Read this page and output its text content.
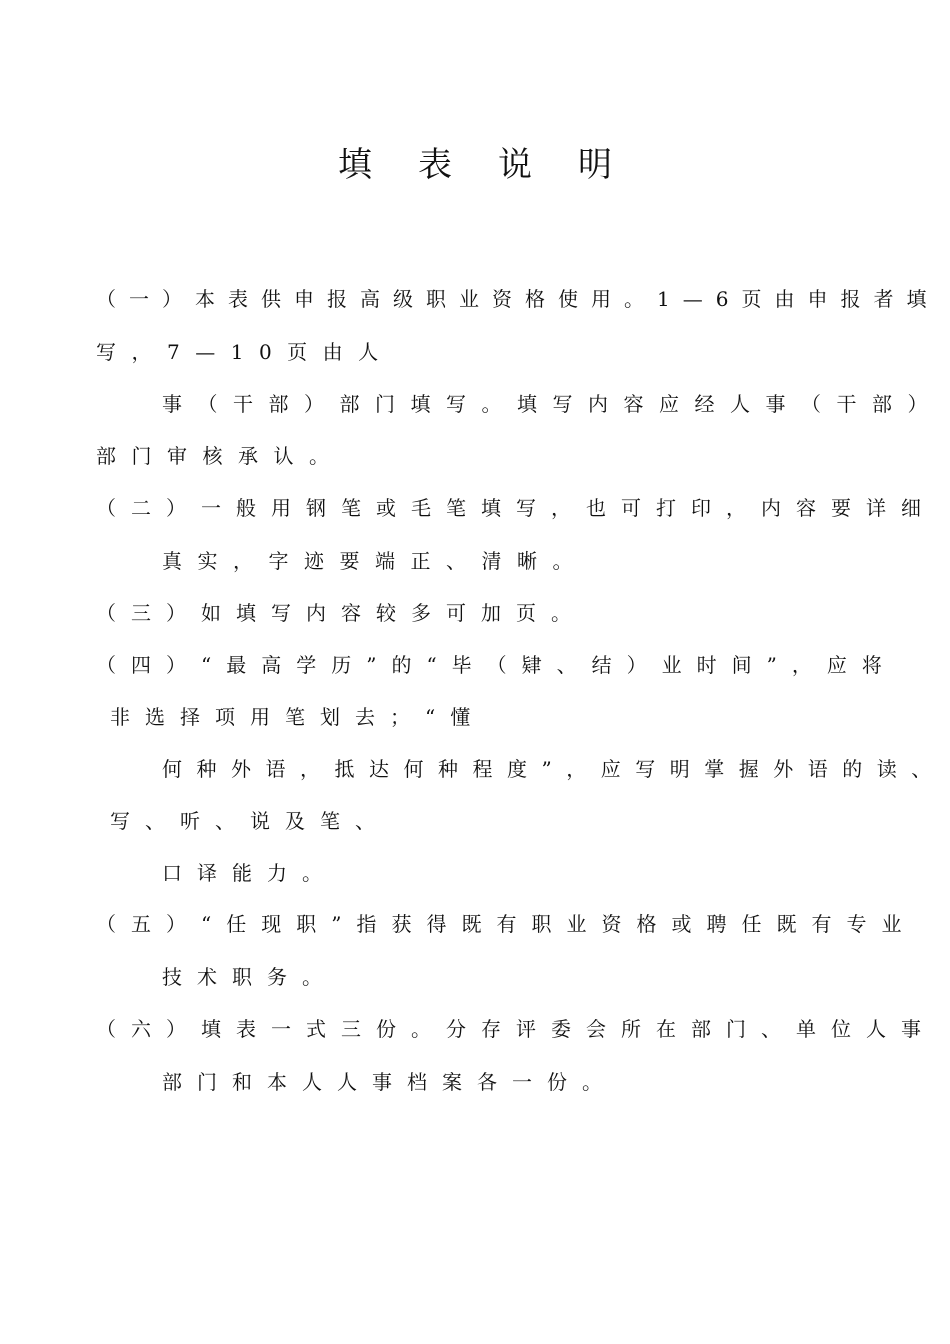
填表说明
（一）本表供申报高级职业资格使用。1—6页由申报者填
写，7—10页由人
事（干部）部门填写。填写内容应经人事（干部）
部门审核承认。
（二）一般用钢笔或毛笔填写，也可打印，内容要详细
真实，字迹要端正、清晰。
（三）如填写内容较多可加页。
（四）“最高学历”的“毕（肄、结）业时间”，应将
非选择项用笔划去；“懂
何种外语，抵达何种程度”，应写明掌握外语的读、
写、听、说及笔、
口译能力。
（五）“任现职”指获得既有职业资格或聘任既有专业
技术职务。
（六）填表一式三份。分存评委会所在部门、单位人事
部门和本人人事档案各一份。
